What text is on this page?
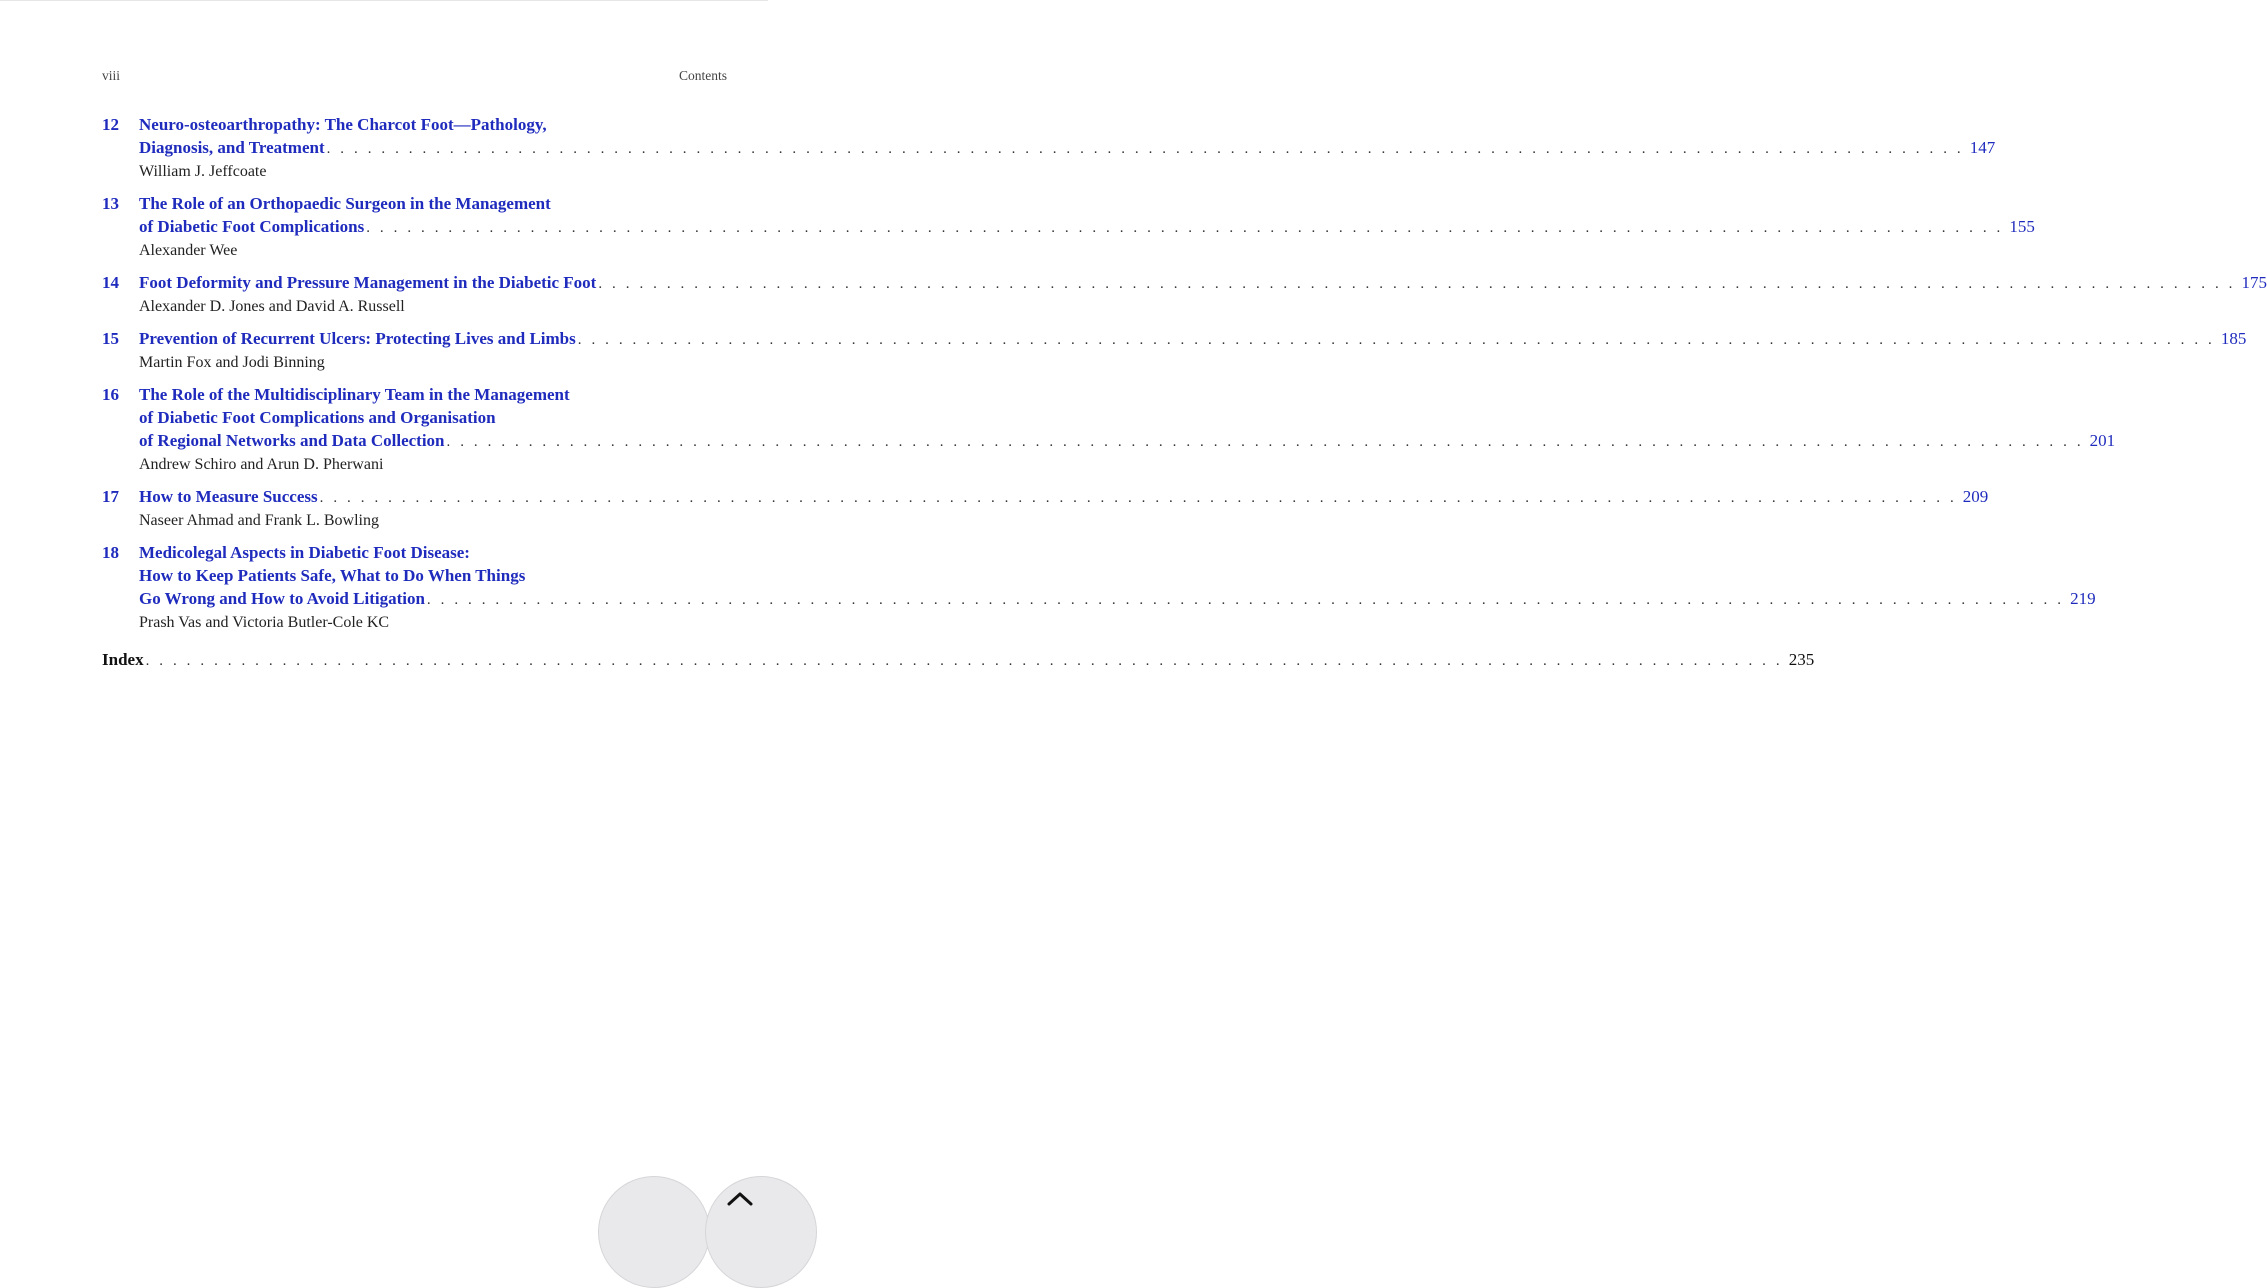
viii	Contents
12	Neuro-osteoarthropathy: The Charcot Foot—Pathology,
Diagnosis, and Treatment . . . . . . . . . . . . . . . . . . . . . . . . . . . . . . . . . . . . . . . . . . . . . . . . . . . . . . . . . . . . . . . . . . . . . . . . . . . . . . . . . . . . . . . . . . . . . . . . . . . . . . . . . . . . . . . . . . . . . . . . 147
William J. Jeffcoate
13	The Role of an Orthopaedic Surgeon in the Management
of Diabetic Foot Complications . . . . . . . . . . . . . . . . . . . . . . . . . . . . . . . . . . . . . . . . . . . . . . . . . . . . . . . . . . . . . . . . . . . . . . . . . . . . . . . . . . . . . . . . . . . . . . . . . . . . . . . . . . . . . . . . . . . . . . . . 155
Alexander Wee
14	Foot Deformity and Pressure Management in the Diabetic Foot . . . . . . . . . . . . . . . . . . . . . . . . . . . . . . . . . . . . . . . . . . . . . . . . . . . . . . . . . . . . . . . . . . . . . . . . . . . . . . . . . . . . . . . . . . . . . . . . . . . . . . . . . . . . . . . . . . . . . . . . 175
Alexander D. Jones and David A. Russell
15	Prevention of Recurrent Ulcers: Protecting Lives and Limbs . . . . . . . . . . . . . . . . . . . . . . . . . . . . . . . . . . . . . . . . . . . . . . . . . . . . . . . . . . . . . . . . . . . . . . . . . . . . . . . . . . . . . . . . . . . . . . . . . . . . . . . . . . . . . . . . . . . . . . . . 185
Martin Fox and Jodi Binning
16	The Role of the Multidisciplinary Team in the Management
of Diabetic Foot Complications and Organisation
of Regional Networks and Data Collection . . . . . . . . . . . . . . . . . . . . . . . . . . . . . . . . . . . . . . . . . . . . . . . . . . . . . . . . . . . . . . . . . . . . . . . . . . . . . . . . . . . . . . . . . . . . . . . . . . . . . . . . . . . . . . . . . . . . . . . . 201
Andrew Schiro and Arun D. Pherwani
17	How to Measure Success . . . . . . . . . . . . . . . . . . . . . . . . . . . . . . . . . . . . . . . . . . . . . . . . . . . . . . . . . . . . . . . . . . . . . . . . . . . . . . . . . . . . . . . . . . . . . . . . . . . . . . . . . . . . . . . . . . . . . . . . 209
Naseer Ahmad and Frank L. Bowling
18	Medicolegal Aspects in Diabetic Foot Disease:
How to Keep Patients Safe, What to Do When Things
Go Wrong and How to Avoid Litigation . . . . . . . . . . . . . . . . . . . . . . . . . . . . . . . . . . . . . . . . . . . . . . . . . . . . . . . . . . . . . . . . . . . . . . . . . . . . . . . . . . . . . . . . . . . . . . . . . . . . . . . . . . . . . . . . . . . . . . . . 219
Prash Vas and Victoria Butler-Cole KC
Index . . . . . . . . . . . . . . . . . . . . . . . . . . . . . . . . . . . . . . . . . . . . . . . . . . . . . . . . . . . . . . . . . . . . . . . . . . . . . . . . . . . . . . . . . . . . . . . . . . . . . . . . . . . . . . . . . . . . . . . . 235
